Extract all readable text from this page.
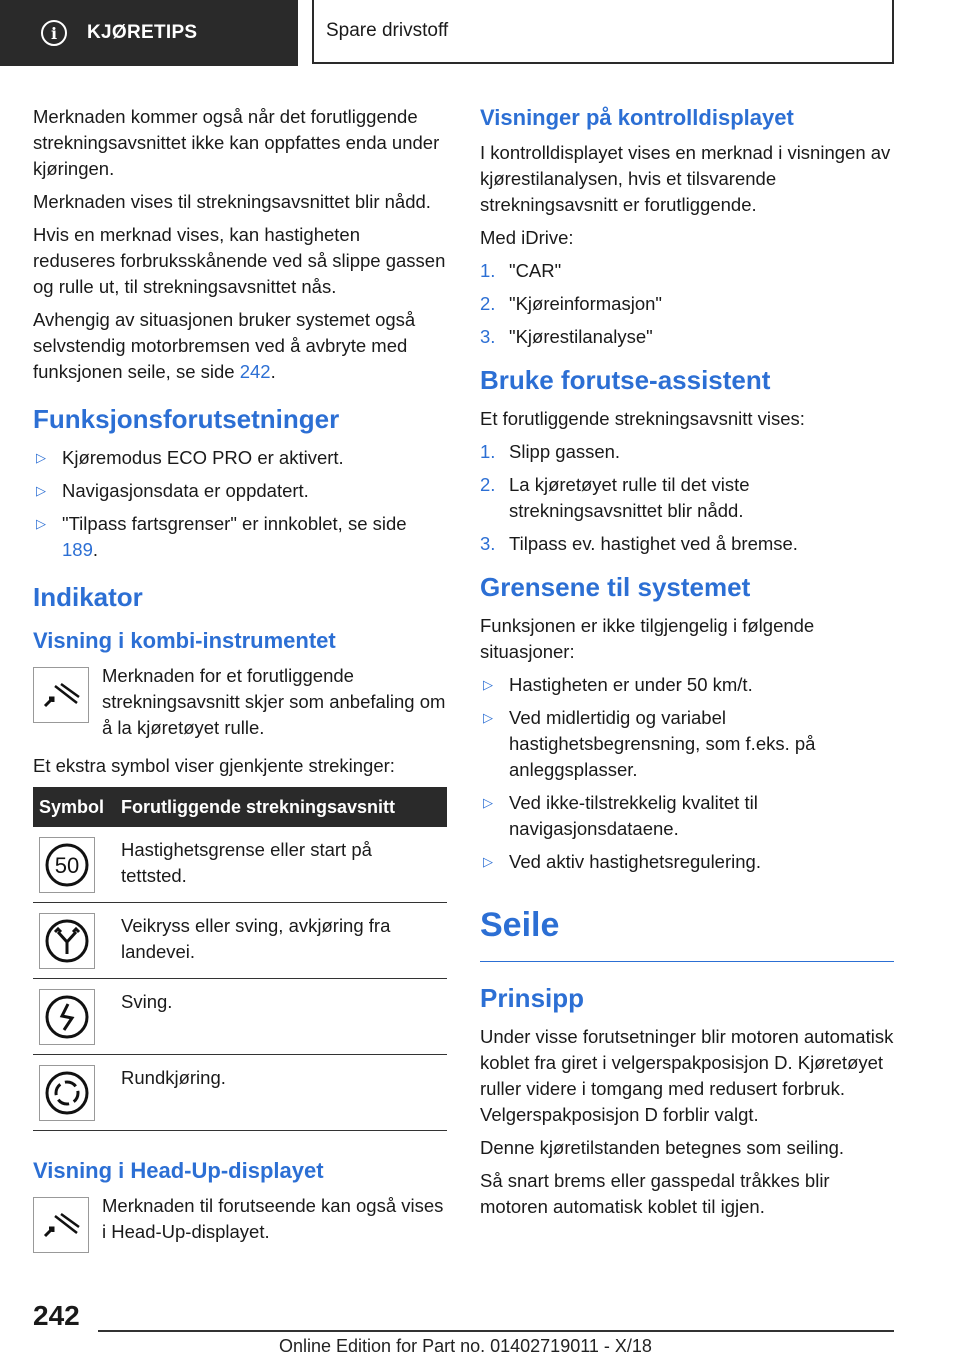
i	KJØRETIPS	Spare drivstoff

Merknaden kommer også når det forutliggende strekningsavsnittet ikke kan oppfattes enda under kjøringen.

Merknaden vises til strekningsavsnittet blir nådd.

Hvis en merknad vises, kan hastigheten reduseres forbruksskånende ved så slippe gassen og rulle ut, til strekningsavsnittet nås.

Avhengig av situasjonen bruker systemet også selvstendig motorbremsen ved å avbryte med funksjonen seile, se side 242.

Funksjonsforutsetninger
▷ Kjøremodus ECO PRO er aktivert.
▷ Navigasjonsdata er oppdatert.
▷ "Tilpass fartsgrenser" er innkoblet, se side 189.
Indikator
Visning i kombi-instrumentet
Merknaden for et forutliggende strekningsavsnitt skjer som anbefaling om å la kjøretøyet rulle.

Et ekstra symbol viser gjenkjente strekinger:

Symbol	Forutliggende strekningsavsnitt

50	Hastighetsgrense eller start på tettsted.

	Veikryss eller sving, avkjøring fra landevei.

	Sving.

	Rundkjøring.
Visning i Head-Up-displayet
Merknaden til forutseende kan også vises i Head-Up-displayet.
Visninger på kontrolldisplayet

I kontrolldisplayet vises en merknad i visningen av kjørestilanalysen, hvis et tilsvarende strekningsavsnitt er forutliggende.

Med iDrive:

1. "CAR"
2. "Kjøreinformasjon"
3. "Kjørestilanalyse"
Bruke forutse-assistent

Et forutliggende strekningsavsnitt vises:

1. Slipp gassen.
2. La kjøretøyet rulle til det viste strekningsavsnittet blir nådd.
3. Tilpass ev. hastighet ved å bremse.
Grensene til systemet

Funksjonen er ikke tilgjengelig i følgende situasjoner:

▷ Hastigheten er under 50 km/t.
▷ Ved midlertidig og variabel hastighetsbegrensning, som f.eks. på anleggsplasser.
▷ Ved ikke-tilstrekkelig kvalitet til navigasjonsdataene.
▷ Ved aktiv hastighetsregulering.
Seile
Prinsipp

Under visse forutsetninger blir motoren automatisk koblet fra giret i velgerspakposisjon D. Kjøretøyet ruller videre i tomgang med redusert forbruk. Velgerspakposisjon D forblir valgt.

Denne kjøretilstanden betegnes som seiling.

Så snart brems eller gasspedal tråkkes blir motoren automatisk koblet til igjen.

242
Online Edition for Part no. 01402719011 - X/18
